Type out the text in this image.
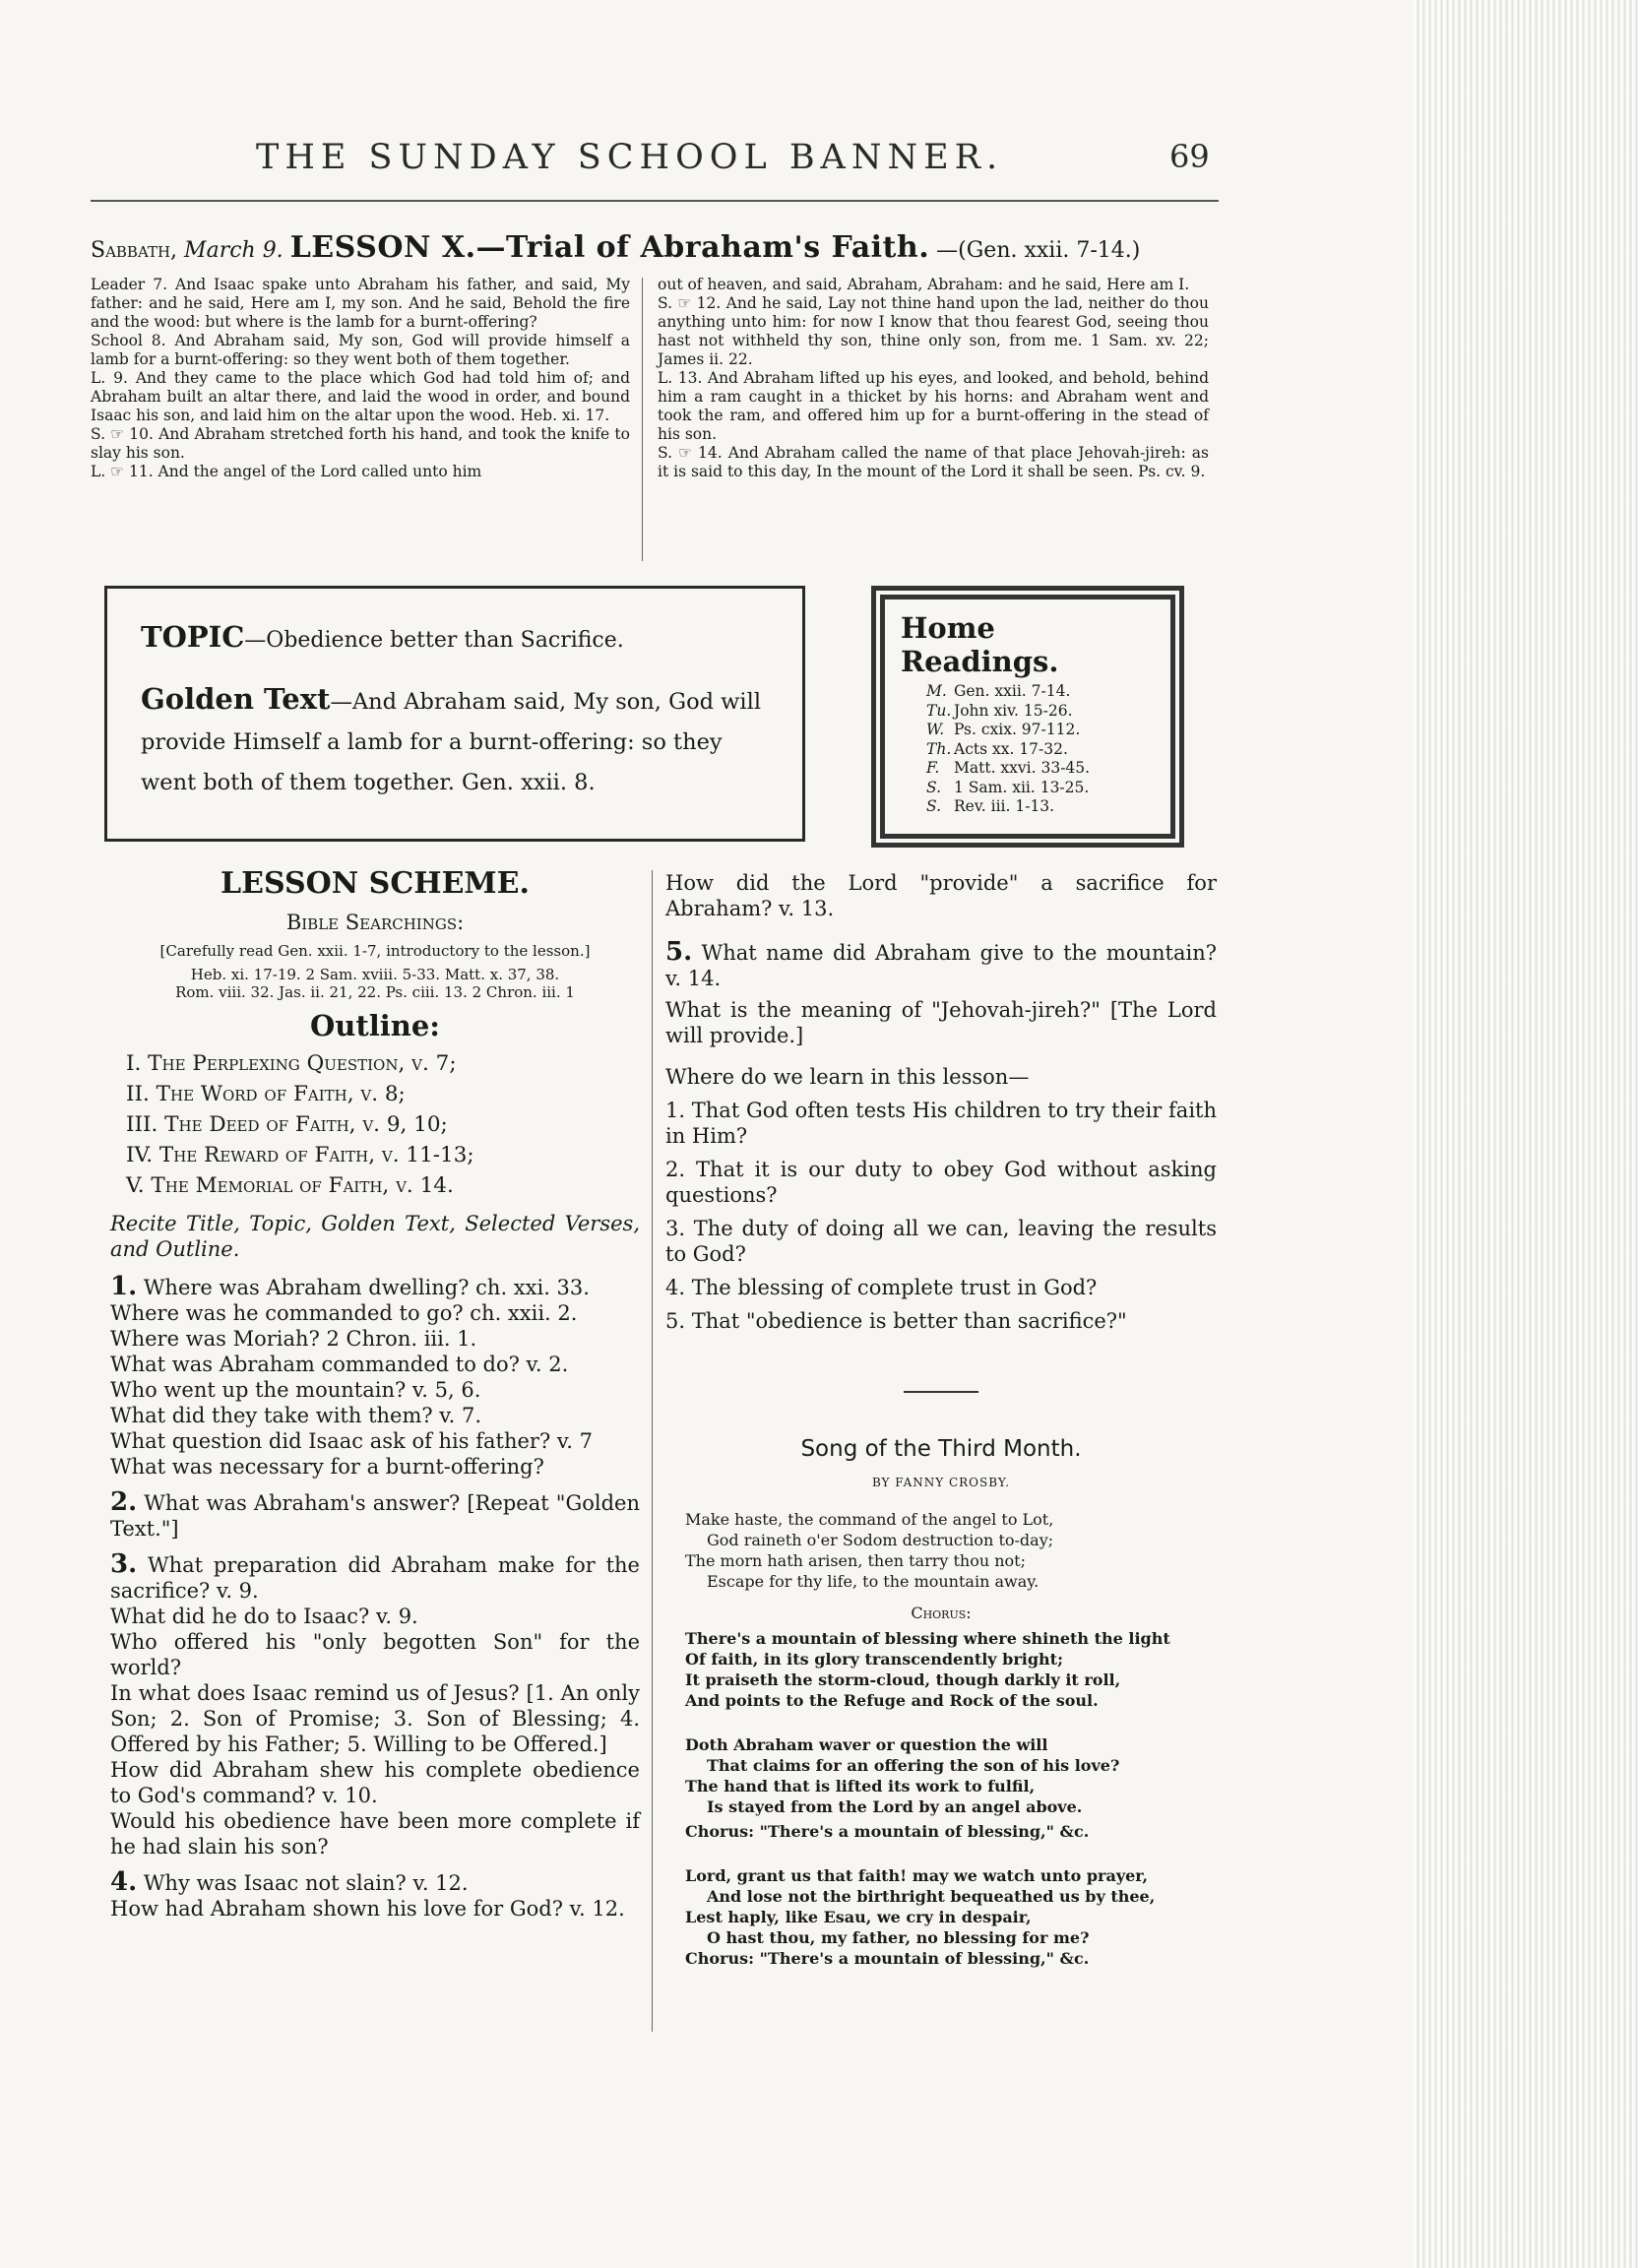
THE SUNDAY SCHOOL BANNER.	69
Sabbath, March 9. LESSON X.—Trial of Abraham's Faith. —(Gen. xxii. 7-14.)

Leader 7. And Isaac spake unto Abraham his father, and said, My father: and he said, Here am I, my son. And he said, Behold the fire and the wood: but where is the lamb for a burnt-offering?

School 8. And Abraham said, My son, God will provide himself a lamb for a burnt-offering: so they went both of them together.

L. 9. And they came to the place which God had told him of; and Abraham built an altar there, and laid the wood in order, and bound Isaac his son, and laid him on the altar upon the wood. Heb. xi. 17.

S. ☞ 10. And Abraham stretched forth his hand, and took the knife to slay his son.

L. ☞ 11. And the angel of the Lord called unto him

out of heaven, and said, Abraham, Abraham: and he said, Here am I.

S. ☞ 12. And he said, Lay not thine hand upon the lad, neither do thou anything unto him: for now I know that thou fearest God, seeing thou hast not withheld thy son, thine only son, from me. 1 Sam. xv. 22; James ii. 22.

L. 13. And Abraham lifted up his eyes, and looked, and behold, behind him a ram caught in a thicket by his horns: and Abraham went and took the ram, and offered him up for a burnt-offering in the stead of his son.

S. ☞ 14. And Abraham called the name of that place Jehovah-jireh: as it is said to this day, In the mount of the Lord it shall be seen. Ps. cv. 9.

TOPIC—Obedience better than Sacrifice.
Golden Text—And Abraham said, My son, God will provide Himself a lamb for a burnt-offering: so they went both of them together. Gen. xxii. 8.
Home Readings.
M. Gen. xxii. 7-14.
Tu. John xiv. 15-26.
W. Ps. cxix. 97-112.
Th. Acts xx. 17-32.
F. Matt. xxvi. 33-45.
S. 1 Sam. xii. 13-25.
S. Rev. iii. 1-13.
LESSON SCHEME.
Bible Searchings:
[Carefully read Gen. xxii. 1-7, introductory to the lesson.]
Heb. xi. 17-19. 2 Sam. xviii. 5-33. Matt. x. 37, 38.
Rom. viii. 32. Jas. ii. 21, 22. Ps. ciii. 13. 2 Chron. iii. 1
Outline:
I. The Perplexing Question, v. 7;
II. The Word of Faith, v. 8;
III. The Deed of Faith, v. 9, 10;
IV. The Reward of Faith, v. 11-13;
V. The Memorial of Faith, v. 14.
Recite Title, Topic, Golden Text, Selected Verses, and Outline.

1. Where was Abraham dwelling? ch. xxi. 33.

Where was he commanded to go? ch. xxii. 2.

Where was Moriah? 2 Chron. iii. 1.

What was Abraham commanded to do? v. 2.

Who went up the mountain? v. 5, 6.

What did they take with them? v. 7.

What question did Isaac ask of his father? v. 7

What was necessary for a burnt-offering?

2. What was Abraham's answer? [Repeat "Golden Text."]

3. What preparation did Abraham make for the sacrifice? v. 9.

What did he do to Isaac? v. 9.

Who offered his "only begotten Son" for the world?

In what does Isaac remind us of Jesus? [1. An only Son; 2. Son of Promise; 3. Son of Blessing; 4. Offered by his Father; 5. Willing to be Offered.]

How did Abraham shew his complete obedience to God's command? v. 10.

Would his obedience have been more complete if he had slain his son?

4. Why was Isaac not slain? v. 12.

How had Abraham shown his love for God? v. 12.

How did the Lord "provide" a sacrifice for Abraham? v. 13.

5. What name did Abraham give to the mountain? v. 14.

What is the meaning of "Jehovah-jireh?" [The Lord will provide.]

Where do we learn in this lesson—

1. That God often tests His children to try their faith in Him?

2. That it is our duty to obey God without asking questions?

3. The duty of doing all we can, leaving the results to God?

4. The blessing of complete trust in God?

5. That "obedience is better than sacrifice?"

Song of the Third Month.
BY FANNY CROSBY.

Make haste, the command of the angel to Lot,

God raineth o'er Sodom destruction to-day;

The morn hath arisen, then tarry thou not;

Escape for thy life, to the mountain away.

Chorus:

There's a mountain of blessing where shineth the light

Of faith, in its glory transcendently bright;

It praiseth the storm-cloud, though darkly it roll,

And points to the Refuge and Rock of the soul.

Doth Abraham waver or question the will

That claims for an offering the son of his love?

The hand that is lifted its work to fulfil,

Is stayed from the Lord by an angel above.

Chorus: "There's a mountain of blessing," &c.

Lord, grant us that faith! may we watch unto prayer,

And lose not the birthright bequeathed us by thee,

Lest haply, like Esau, we cry in despair,

O hast thou, my father, no blessing for me?

Chorus: "There's a mountain of blessing," &c.
